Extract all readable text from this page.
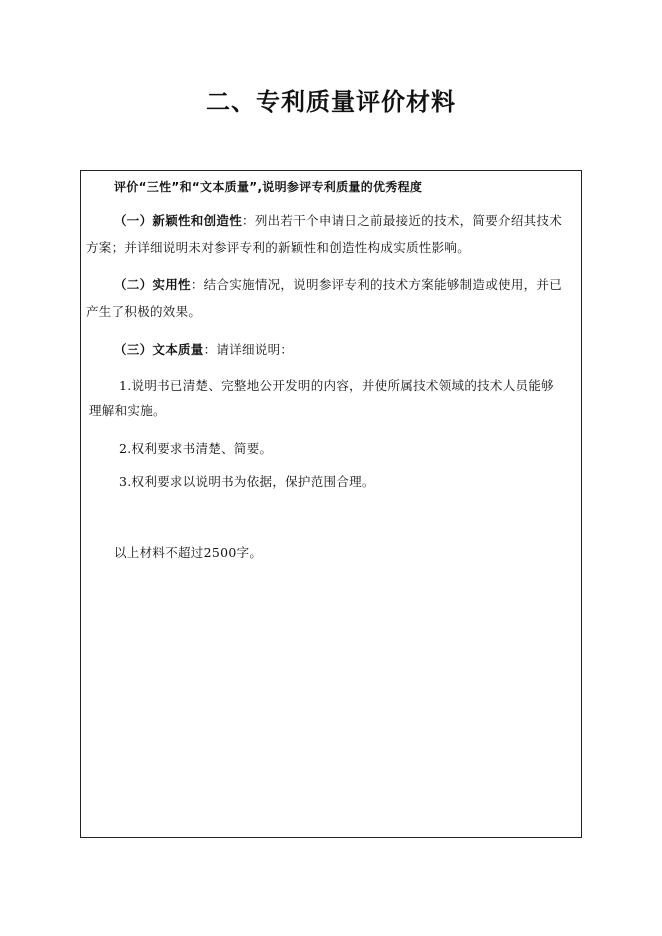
二、专利质量评价材料
评价“三性”和“文本质量”,说明参评专利质量的优秀程度
（一）新颖性和创造性：列出若干个申请日之前最接近的技术，简要介绍其技术
方案；并详细说明未对参评专利的新颖性和创造性构成实质性影响。
（二）实用性：结合实施情况，说明参评专利的技术方案能够制造或使用，并已
产生了积极的效果。
（三）文本质量：请详细说明：
1.说明书已清楚、完整地公开发明的内容，并使所属技术领域的技术人员能够
理解和实施。
2.权利要求书清楚、简要。
3.权利要求以说明书为依据，保护范围合理。
以上材料不超过2500字。
